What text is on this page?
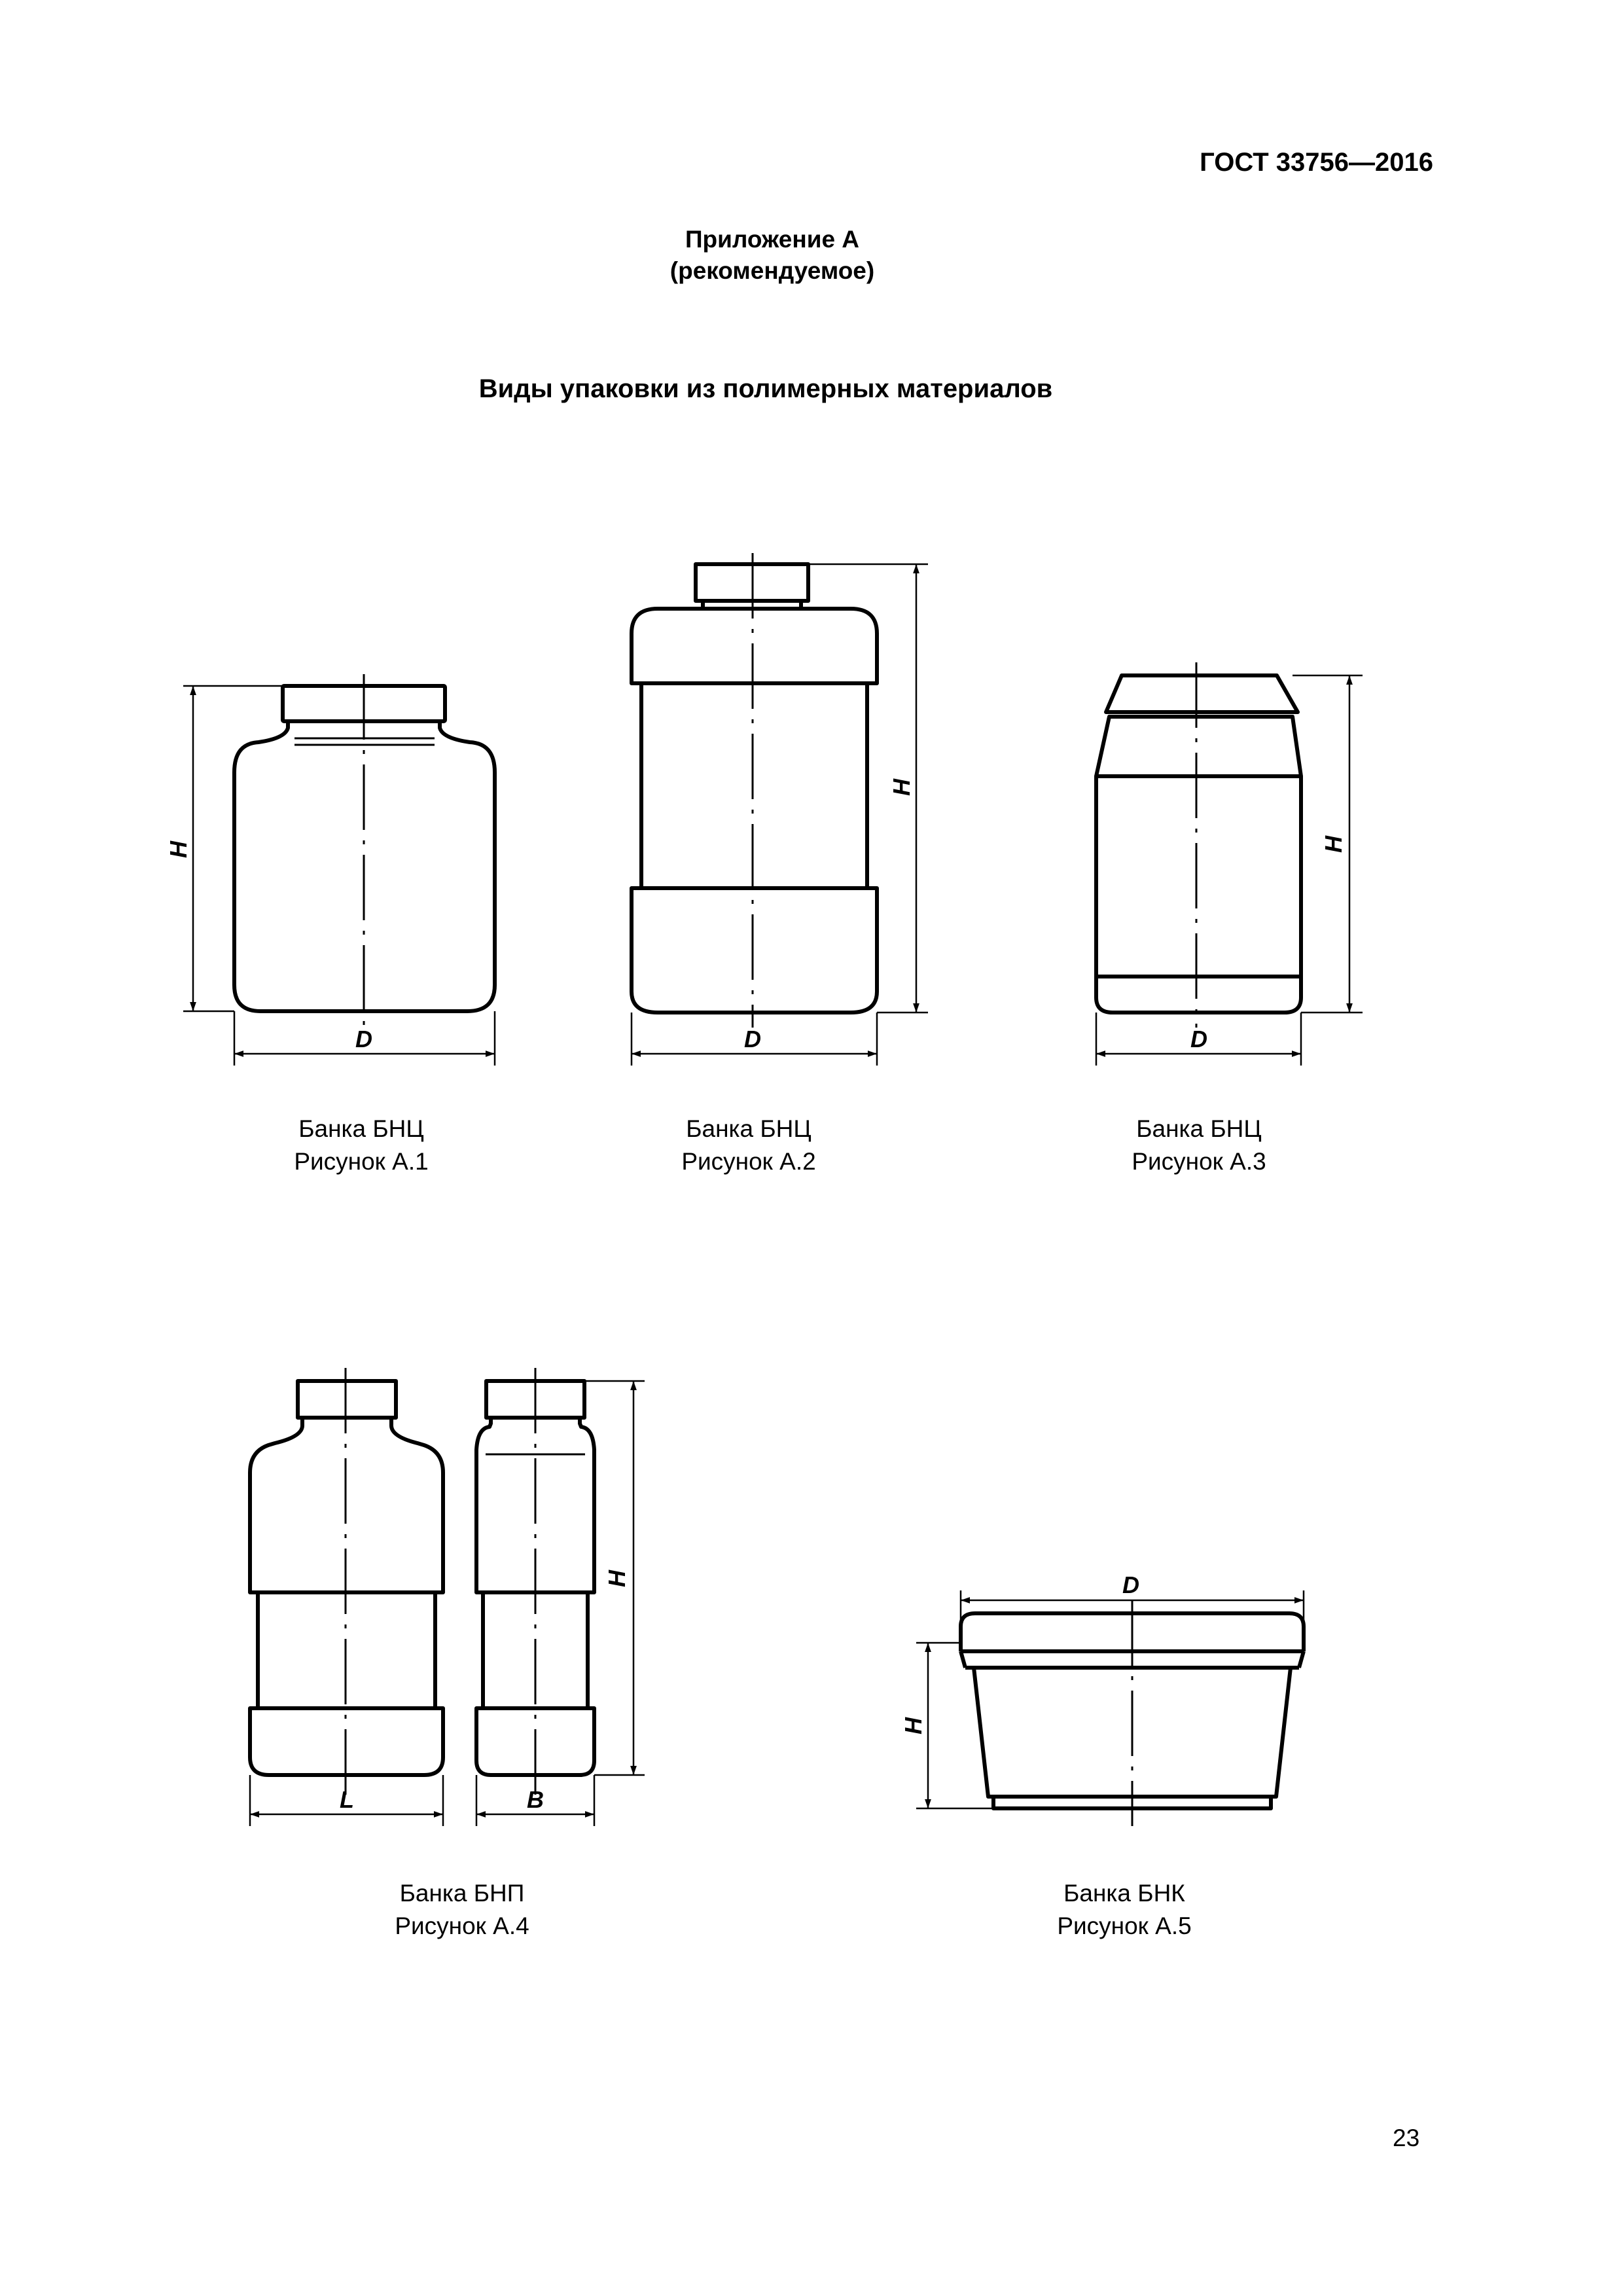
ГОСТ 33756—2016
Приложение А
(рекомендуемое)
Виды упаковки из полимерных материалов
H
D
H
D
H
D
H
L	B
H
D
Банка БНЦ
Рисунок А.1
Банка БНЦ
Рисунок А.2
Банка БНЦ
Рисунок А.3
Банка БНП
Рисунок А.4
Банка БНК
Рисунок А.5
23
